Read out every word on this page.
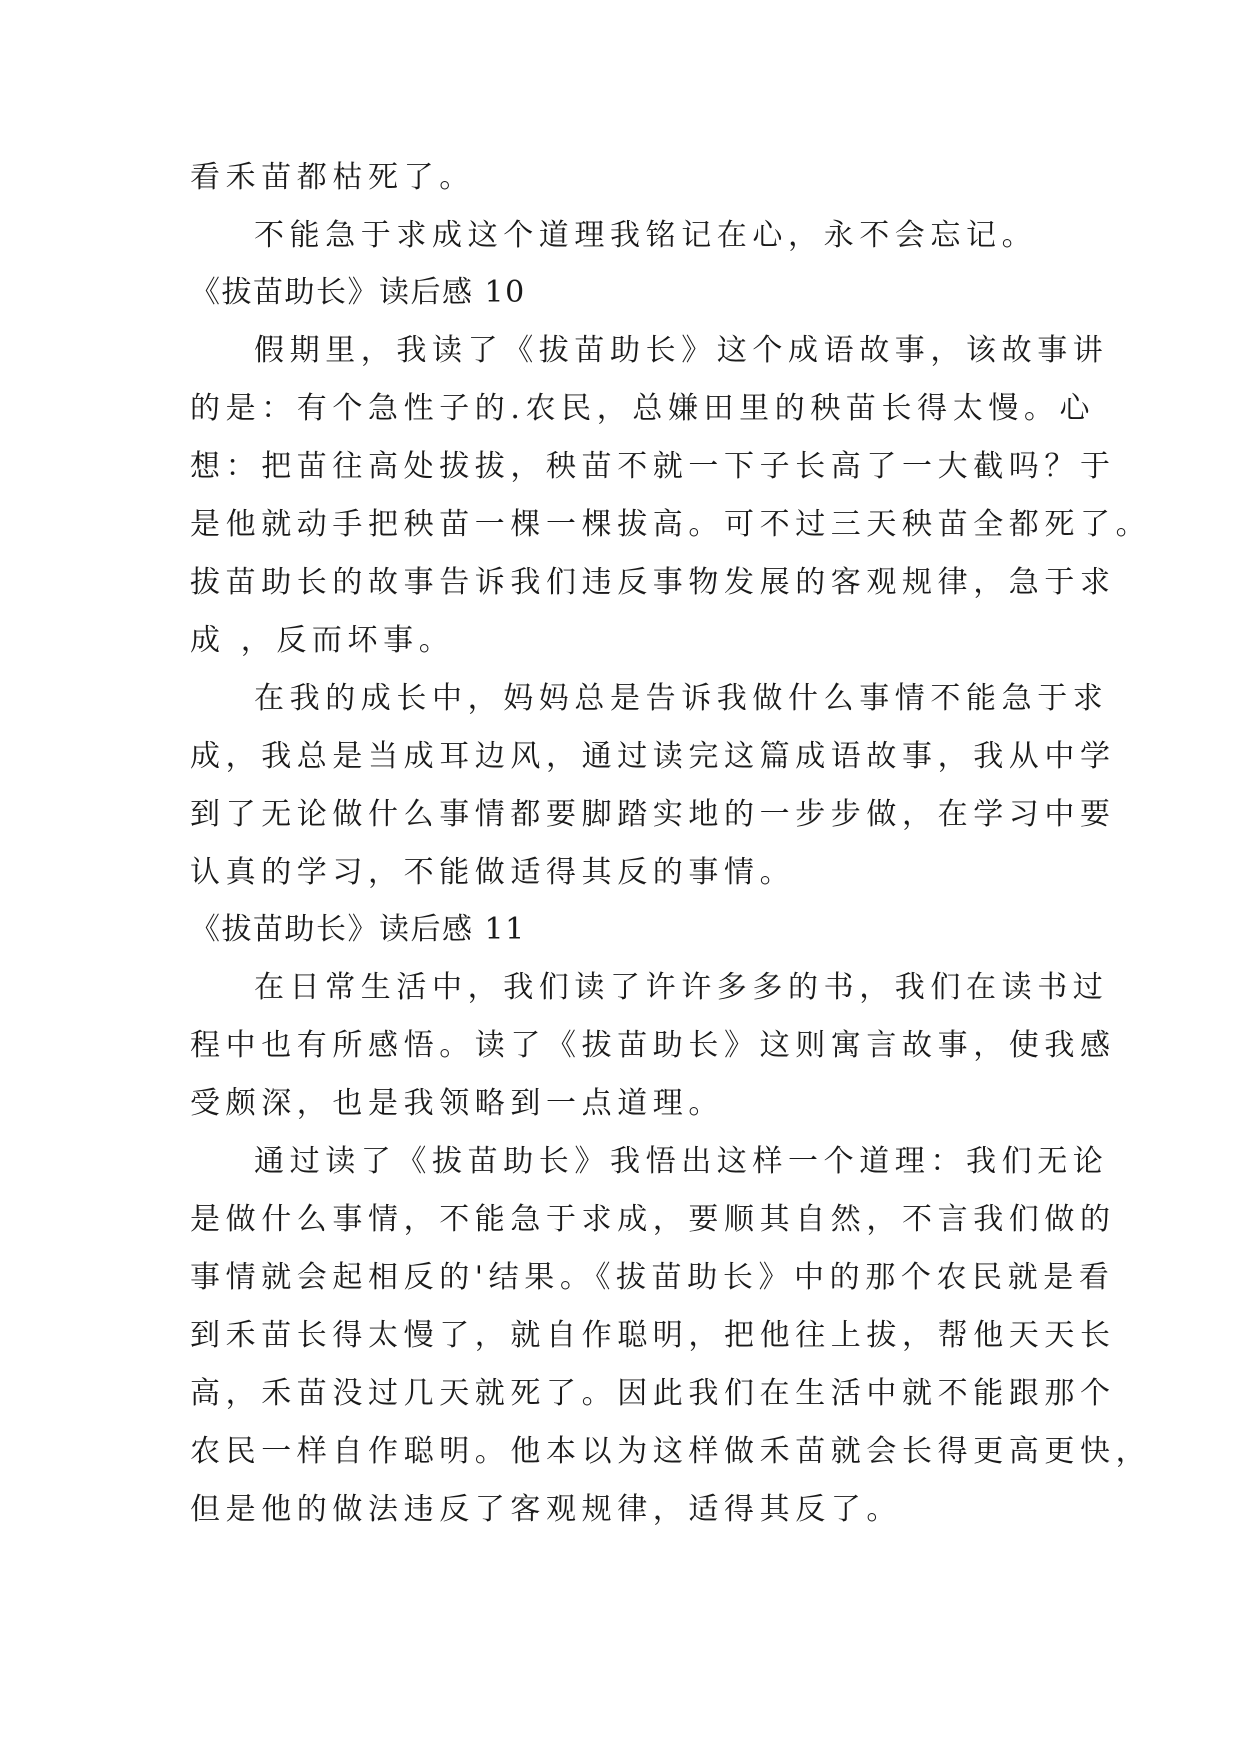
看禾苗都枯死了。
不能急于求成这个道理我铭记在心，永不会忘记。
《拔苗助长》读后感 10
假期里，我读了《拔苗助长》这个成语故事，该故事讲
的是：有个急性子的.农民，总嫌田里的秧苗长得太慢。心
想：把苗往高处拔拔，秧苗不就一下子长高了一大截吗？于
是他就动手把秧苗一棵一棵拔高。可不过三天秧苗全都死了。
拔苗助长的故事告诉我们违反事物发展的客观规律，急于求
成 ，反而坏事。
在我的成长中，妈妈总是告诉我做什么事情不能急于求
成，我总是当成耳边风，通过读完这篇成语故事，我从中学
到了无论做什么事情都要脚踏实地的一步步做，在学习中要
认真的学习，不能做适得其反的事情。
《拔苗助长》读后感 11
在日常生活中，我们读了许许多多的书，我们在读书过
程中也有所感悟。读了《拔苗助长》这则寓言故事，使我感
受颇深，也是我领略到一点道理。
通过读了《拔苗助长》我悟出这样一个道理：我们无论
是做什么事情，不能急于求成，要顺其自然，不言我们做的
事情就会起相反的'结果。《拔苗助长》中的那个农民就是看
到禾苗长得太慢了，就自作聪明，把他往上拔，帮他天天长
高，禾苗没过几天就死了。因此我们在生活中就不能跟那个
农民一样自作聪明。他本以为这样做禾苗就会长得更高更快，
但是他的做法违反了客观规律，适得其反了。
